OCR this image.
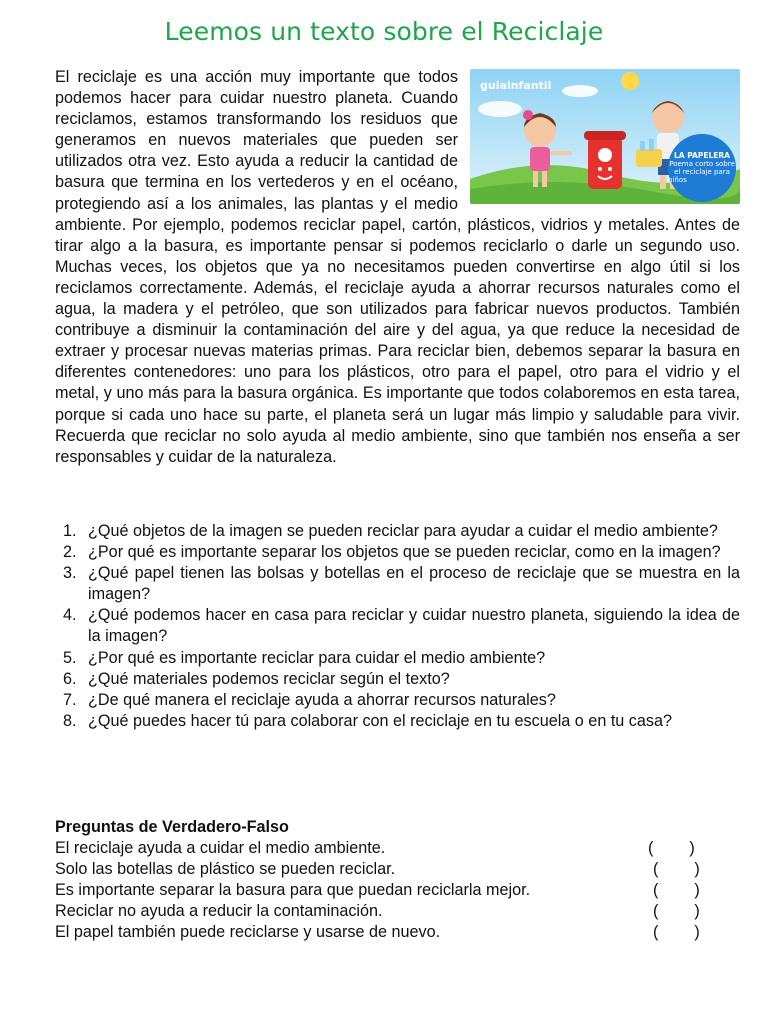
Leemos un texto sobre el Reciclaje
guiainfantil
LA PAPELERA
Poema corto sobre el reciclaje para niños
El reciclaje es una acción muy importante que todos podemos hacer para cuidar nuestro planeta. Cuando reciclamos, estamos transformando los residuos que generamos en nuevos materiales que pueden ser utilizados otra vez. Esto ayuda a reducir la cantidad de basura que termina en los vertederos y en el océano, protegiendo así a los animales, las plantas y el medio ambiente. Por ejemplo, podemos reciclar papel, cartón, plásticos, vidrios y metales. Antes de tirar algo a la basura, es importante pensar si podemos reciclarlo o darle un segundo uso. Muchas veces, los objetos que ya no necesitamos pueden convertirse en algo útil si los reciclamos correctamente. Además, el reciclaje ayuda a ahorrar recursos naturales como el agua, la madera y el petróleo, que son utilizados para fabricar nuevos productos. También contribuye a disminuir la contaminación del aire y del agua, ya que reduce la necesidad de extraer y procesar nuevas materias primas. Para reciclar bien, debemos separar la basura en diferentes contenedores: uno para los plásticos, otro para el papel, otro para el vidrio y el metal, y uno más para la basura orgánica. Es importante que todos colaboremos en esta tarea, porque si cada uno hace su parte, el planeta será un lugar más limpio y saludable para vivir. Recuerda que reciclar no solo ayuda al medio ambiente, sino que también nos enseña a ser responsables y cuidar de la naturaleza.
1. ¿Qué objetos de la imagen se pueden reciclar para ayudar a cuidar el medio ambiente?
2. ¿Por qué es importante separar los objetos que se pueden reciclar, como en la imagen?
3. ¿Qué papel tienen las bolsas y botellas en el proceso de reciclaje que se muestra en la imagen?
4. ¿Qué podemos hacer en casa para reciclar y cuidar nuestro planeta, siguiendo la idea de la imagen?
5. ¿Por qué es importante reciclar para cuidar el medio ambiente?
6. ¿Qué materiales podemos reciclar según el texto?
7. ¿De qué manera el reciclaje ayuda a ahorrar recursos naturales?
8. ¿Qué puedes hacer tú para colaborar con el reciclaje en tu escuela o en tu casa?
Preguntas de Verdadero-Falso
El reciclaje ayuda a cuidar el medio ambiente.	(        )
Solo las botellas de plástico se pueden reciclar.	(        )
Es importante separar la basura para que puedan reciclarla mejor.	(        )
Reciclar no ayuda a reducir la contaminación.	(        )
El papel también puede reciclarse y usarse de nuevo.	(        )
